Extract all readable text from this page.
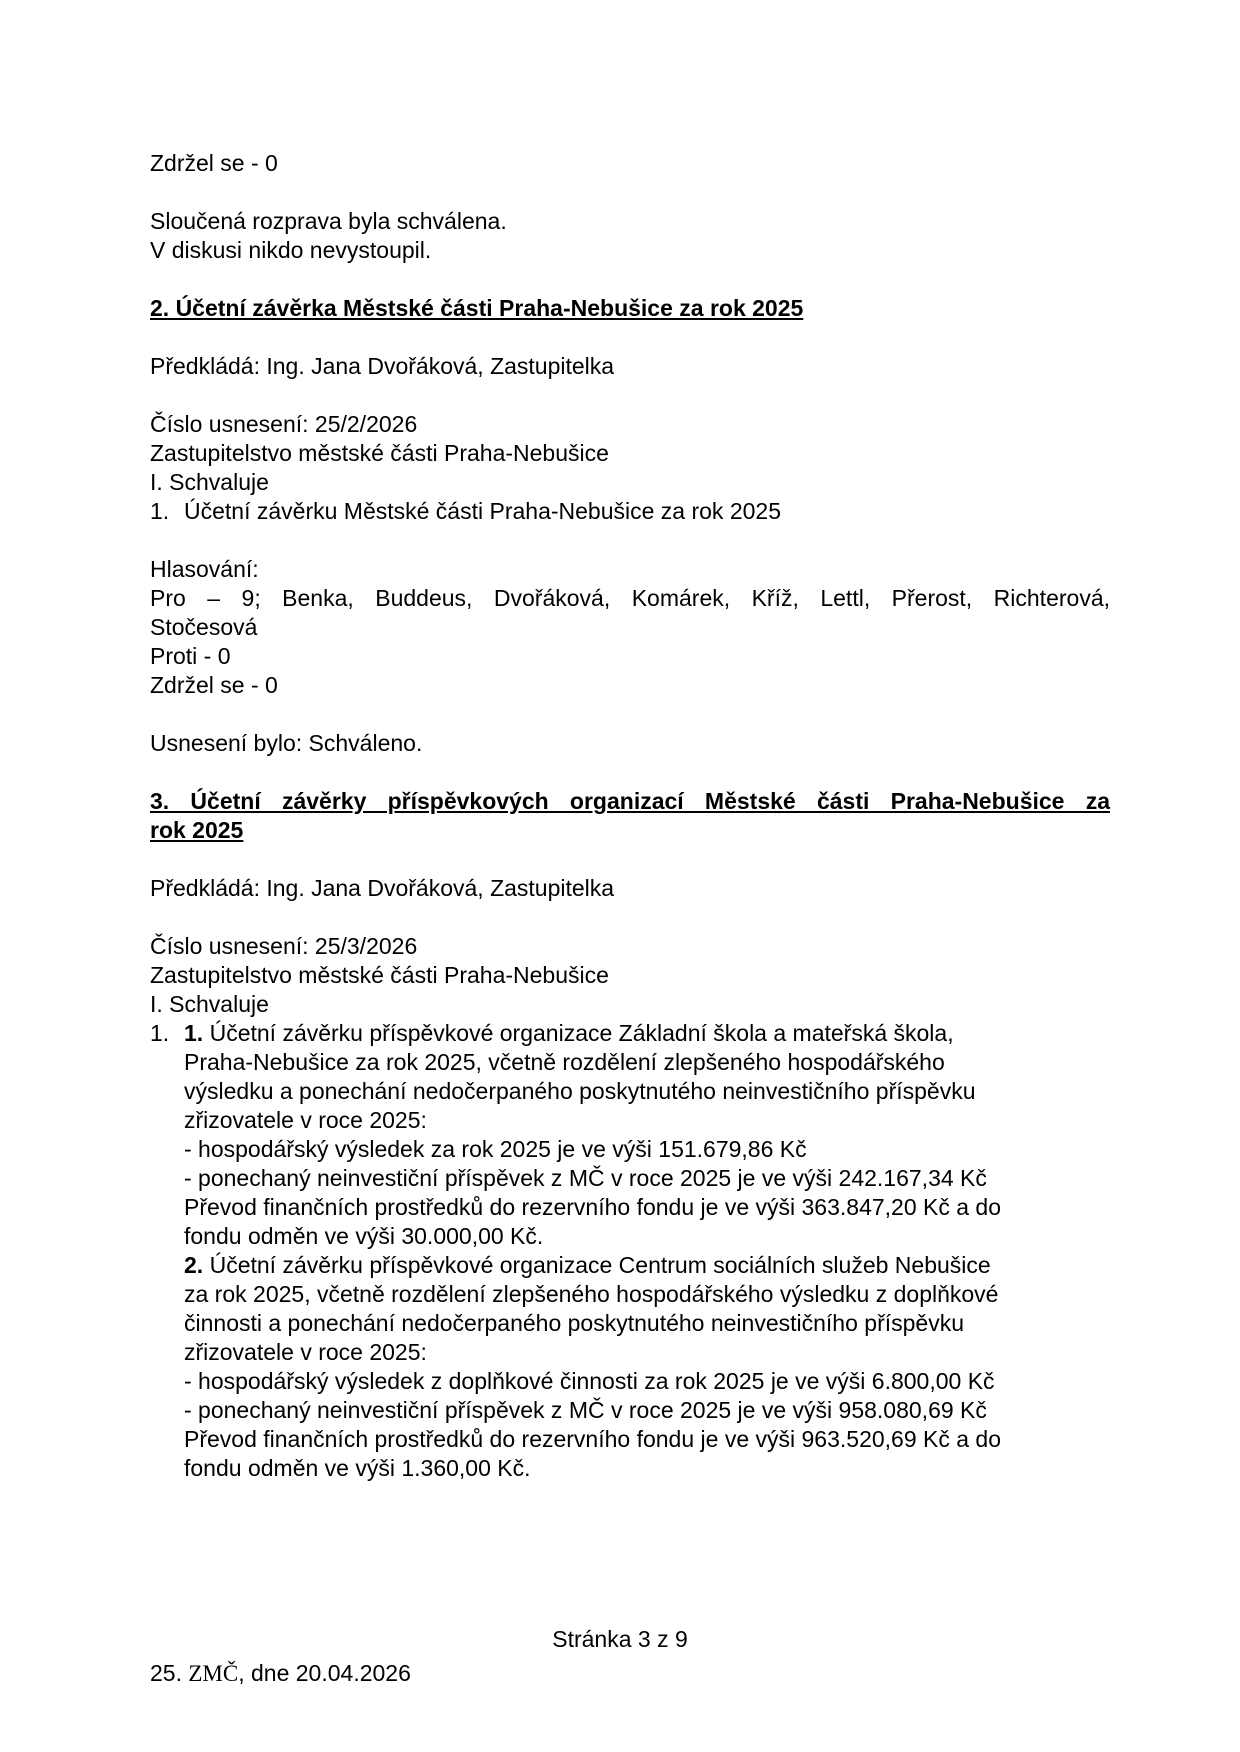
Zdržel se - 0
Sloučená rozprava byla schválena.
V diskusi nikdo nevystoupil.
2. Účetní závěrka Městské části Praha-Nebušice za rok 2025
Předkládá: Ing. Jana Dvořáková, Zastupitelka
Číslo usnesení: 25/2/2026
Zastupitelstvo městské části Praha-Nebušice
I. Schvaluje
1. Účetní závěrku Městské části Praha-Nebušice za rok 2025
Hlasování:
Pro – 9; Benka, Buddeus, Dvořáková, Komárek, Kříž, Lettl, Přerost, Richterová,
Stočesová
Proti - 0
Zdržel se - 0
Usnesení bylo: Schváleno.
3. Účetní závěrky příspěvkových organizací Městské části Praha-Nebušice za
rok 2025
Předkládá: Ing. Jana Dvořáková, Zastupitelka
Číslo usnesení: 25/3/2026
Zastupitelstvo městské části Praha-Nebušice
I. Schvaluje
1. 1. Účetní závěrku příspěvkové organizace Základní škola a mateřská škola,
Praha-Nebušice za rok 2025, včetně rozdělení zlepšeného hospodářského
výsledku a ponechání nedočerpaného poskytnutého neinvestičního příspěvku
zřizovatele v roce 2025:
- hospodářský výsledek za rok 2025 je ve výši 151.679,86 Kč
- ponechaný neinvestiční příspěvek z MČ v roce 2025 je ve výši 242.167,34 Kč
Převod finančních prostředků do rezervního fondu je ve výši 363.847,20 Kč a do
fondu odměn ve výši 30.000,00 Kč.
2. Účetní závěrku příspěvkové organizace Centrum sociálních služeb Nebušice
za rok 2025, včetně rozdělení zlepšeného hospodářského výsledku z doplňkové
činnosti a ponechání nedočerpaného poskytnutého neinvestičního příspěvku
zřizovatele v roce 2025:
- hospodářský výsledek z doplňkové činnosti za rok 2025 je ve výši 6.800,00 Kč
- ponechaný neinvestiční příspěvek z MČ v roce 2025 je ve výši 958.080,69 Kč
Převod finančních prostředků do rezervního fondu je ve výši 963.520,69 Kč a do
fondu odměn ve výši 1.360,00 Kč.
Stránka 3 z 9
25. ZMČ, dne 20.04.2026
